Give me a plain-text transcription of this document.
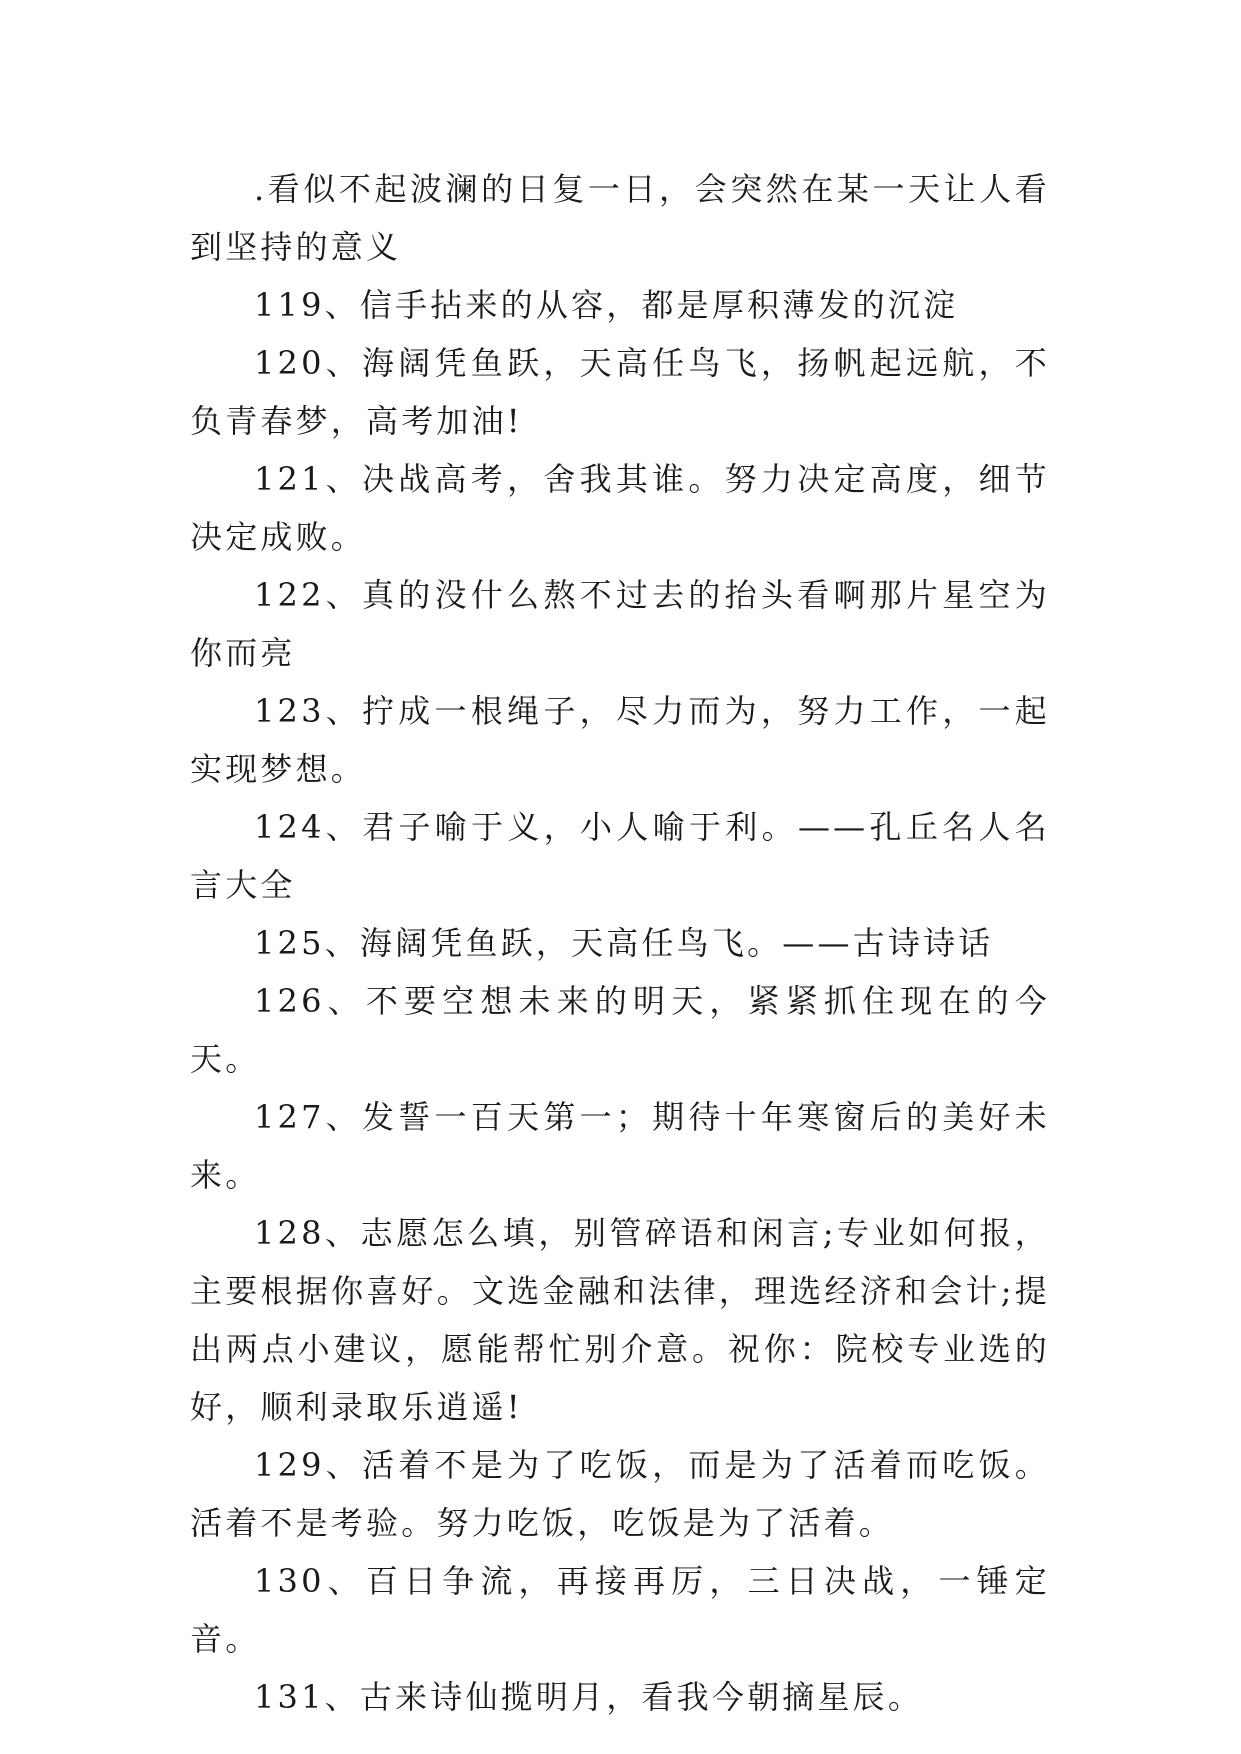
.看似不起波澜的日复一日，会突然在某一天让人看到坚持的意义

119、信手拈来的从容，都是厚积薄发的沉淀

120、海阔凭鱼跃，天高任鸟飞，扬帆起远航，不负青春梦，高考加油!

121、决战高考，舍我其谁。努力决定高度，细节决定成败。

122、真的没什么熬不过去的抬头看啊那片星空为你而亮

123、拧成一根绳子，尽力而为，努力工作，一起实现梦想。

124、君子喻于义，小人喻于利。——孔丘名人名言大全

125、海阔凭鱼跃，天高任鸟飞。——古诗诗话

126、不要空想未来的明天，紧紧抓住现在的今天。

127、发誓一百天第一；期待十年寒窗后的美好未来。

128、志愿怎么填，别管碎语和闲言;专业如何报，主要根据你喜好。文选金融和法律，理选经济和会计;提出两点小建议，愿能帮忙别介意。祝你：院校专业选的好，顺利录取乐逍遥!

129、活着不是为了吃饭，而是为了活着而吃饭。活着不是考验。努力吃饭，吃饭是为了活着。

130、百日争流，再接再厉，三日决战，一锤定音。

131、古来诗仙揽明月，看我今朝摘星辰。
